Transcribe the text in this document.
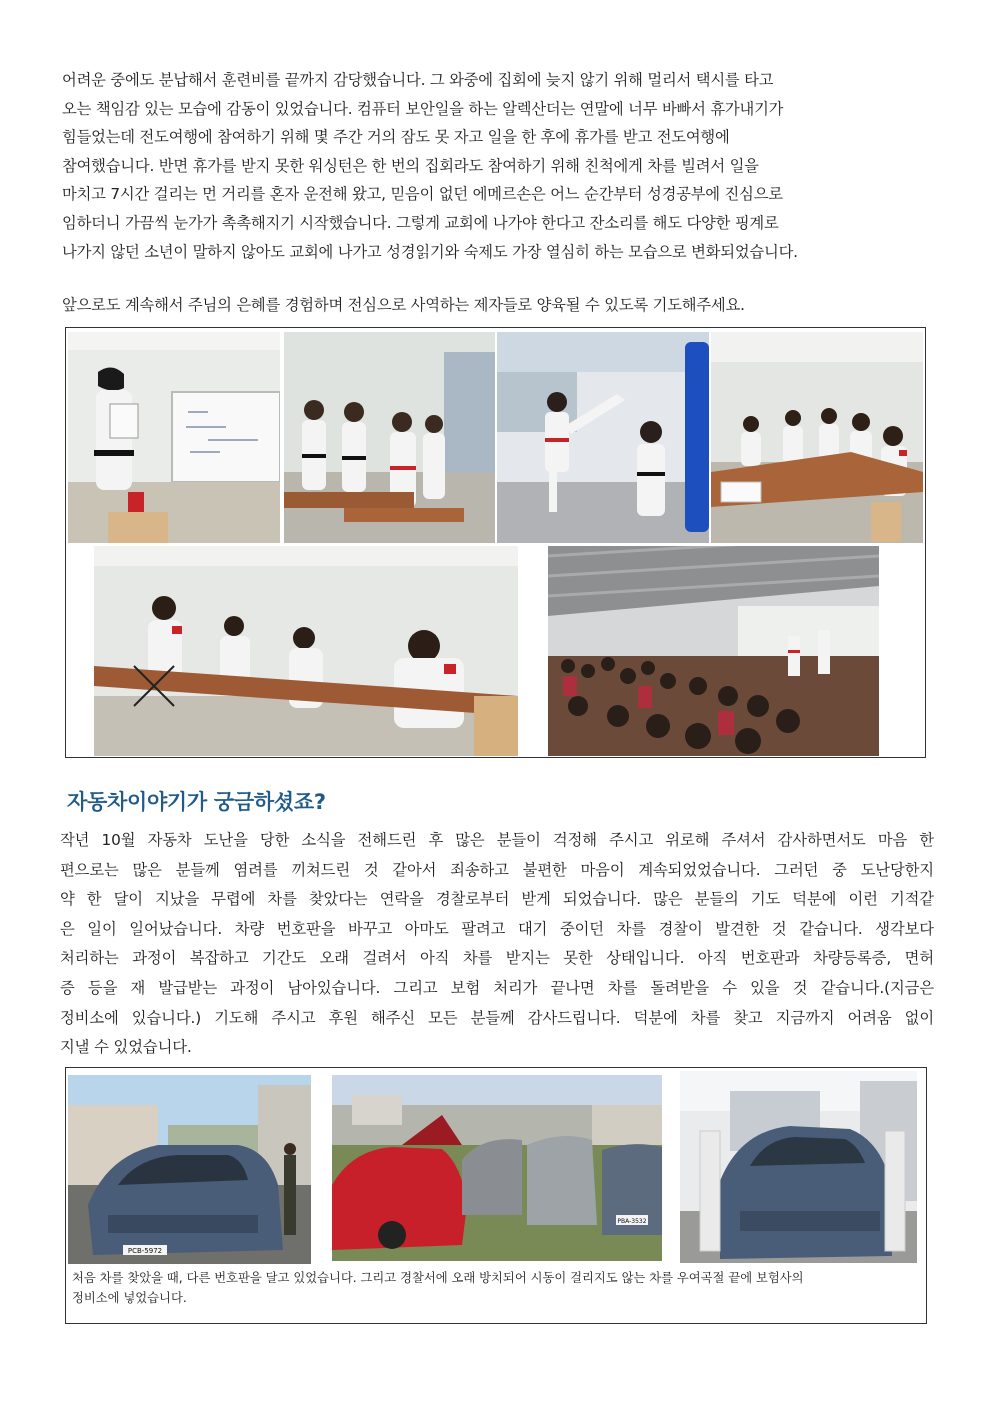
어려운 중에도 분납해서 훈련비를 끝까지 감당했습니다. 그 와중에 집회에 늦지 않기 위해 멀리서 택시를 타고
오는 책임감 있는 모습에 감동이 있었습니다. 컴퓨터 보안일을 하는 알렉산더는 연말에 너무 바빠서 휴가내기가
힘들었는데 전도여행에 참여하기 위해 몇 주간 거의 잠도 못 자고 일을 한 후에 휴가를 받고 전도여행에
참여했습니다. 반면 휴가를 받지 못한 워싱턴은 한 번의 집회라도 참여하기 위해 친척에게 차를 빌려서 일을
마치고 7시간 걸리는 먼 거리를 혼자 운전해 왔고, 믿음이 없던 에메르손은 어느 순간부터 성경공부에 진심으로
임하더니 가끔씩 눈가가 촉촉해지기 시작했습니다. 그렇게 교회에 나가야 한다고 잔소리를 해도 다양한 핑계로
나가지 않던 소년이 말하지 않아도 교회에 나가고 성경읽기와 숙제도 가장 열심히 하는 모습으로 변화되었습니다.

앞으로도 계속해서 주님의 은혜를 경험하며 전심으로 사역하는 제자들로 양육될 수 있도록 기도해주세요.

자동차이야기가 궁금하셨죠?

작년 10월 자동차 도난을 당한 소식을 전해드린 후 많은 분들이 걱정해 주시고 위로해 주셔서 감사하면서도 마음 한
편으로는 많은 분들께 염려를 끼쳐드린 것 같아서 죄송하고 불편한 마음이 계속되었었습니다. 그러던 중 도난당한지
약 한 달이 지났을 무렵에 차를 찾았다는 연락을 경찰로부터 받게 되었습니다. 많은 분들의 기도 덕분에 이런 기적같
은 일이 일어났습니다. 차량 번호판을 바꾸고 아마도 팔려고 대기 중이던 차를 경찰이 발견한 것 같습니다. 생각보다
처리하는 과정이 복잡하고 기간도 오래 걸려서 아직 차를 받지는 못한 상태입니다. 아직 번호판과 차량등록증, 면허
증 등을 재 발급받는 과정이 남아있습니다. 그리고 보험 처리가 끝나면 차를 돌려받을 수 있을 것 같습니다.(지금은
정비소에 있습니다.) 기도해 주시고 후원 해주신 모든 분들께 감사드립니다. 덕분에 차를 찾고 지금까지 어려움 없이
지낼 수 있었습니다.

PCB-5972
PBA-3532

처음 차를 찾았을 때, 다른 번호판을 달고 있었습니다. 그리고 경찰서에 오래 방치되어 시동이 걸리지도 않는 차를 우여곡절 끝에 보험사의
정비소에 넣었습니다.
